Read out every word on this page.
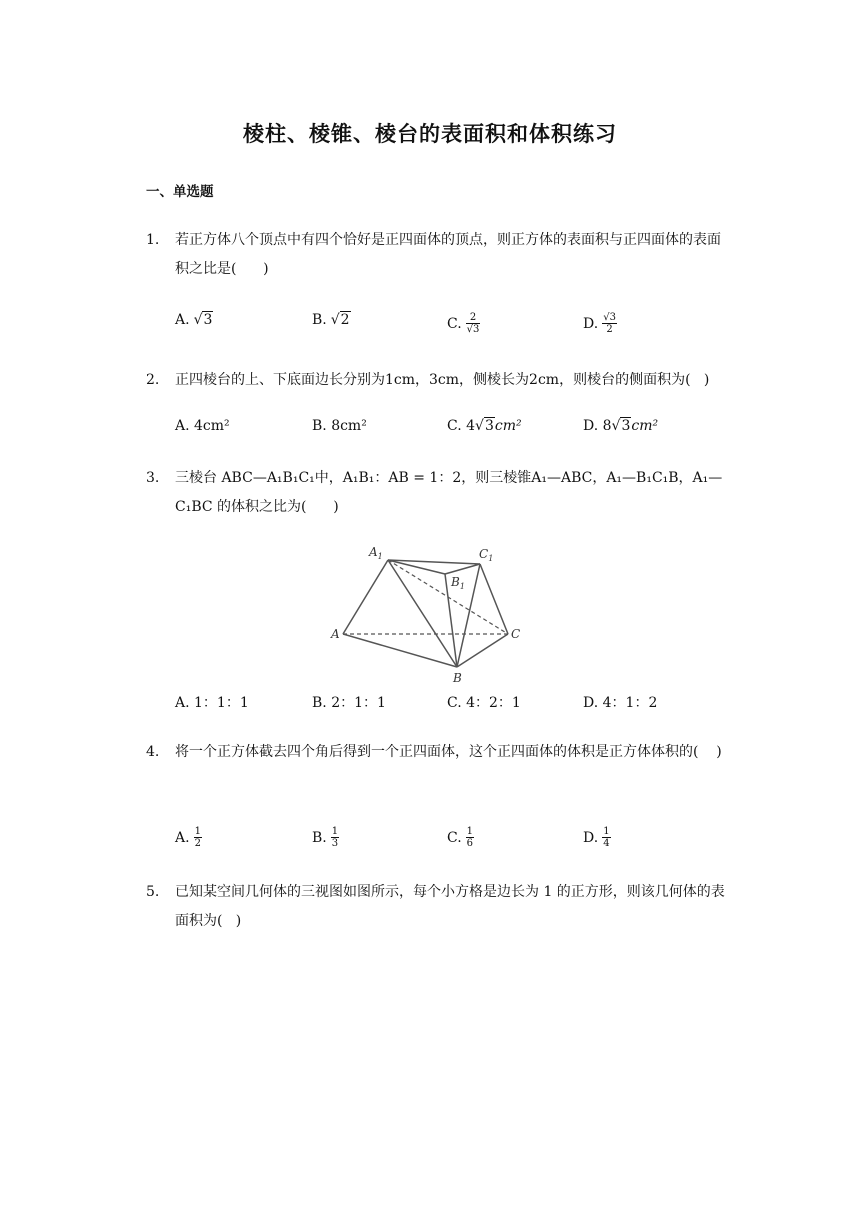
棱柱、棱锥、棱台的表面积和体积练习
一、单选题
1. 若正方体八个顶点中有四个恰好是正四面体的顶点，则正方体的表面积与正四面体的表面积之比是(      )
A. √3	B. √2	C. $\frac{2}{√3}$	D. $\frac{√3}{2}$
2. 正四棱台的上、下底面边长分别为1cm，3cm，侧棱长为2cm，则棱台的侧面积为(   )
A. 4cm²	B. 8cm²	C. 4√3cm²	D. 8√3cm²
3. 三棱台 ABC—A₁B₁C₁中，A₁B₁：AB = 1：2，则三棱锥A₁—ABC，A₁—B₁C₁B，A₁—C₁BC 的体积之比为(      )
$A_1$	$C_1$
$B_1$
A	C
B
A. 1：1：1	B. 2：1：1	C. 4：2：1	D. 4：1：2
4. 将一个正方体截去四个角后得到一个正四面体，这个正四面体的体积是正方体体积的(    )
A. $\frac{1}{2}$	B. $\frac{1}{3}$	C. $\frac{1}{6}$	D. $\frac{1}{4}$
5. 已知某空间几何体的三视图如图所示，每个小方格是边长为 1 的正方形，则该几何体的表面积为(   )
